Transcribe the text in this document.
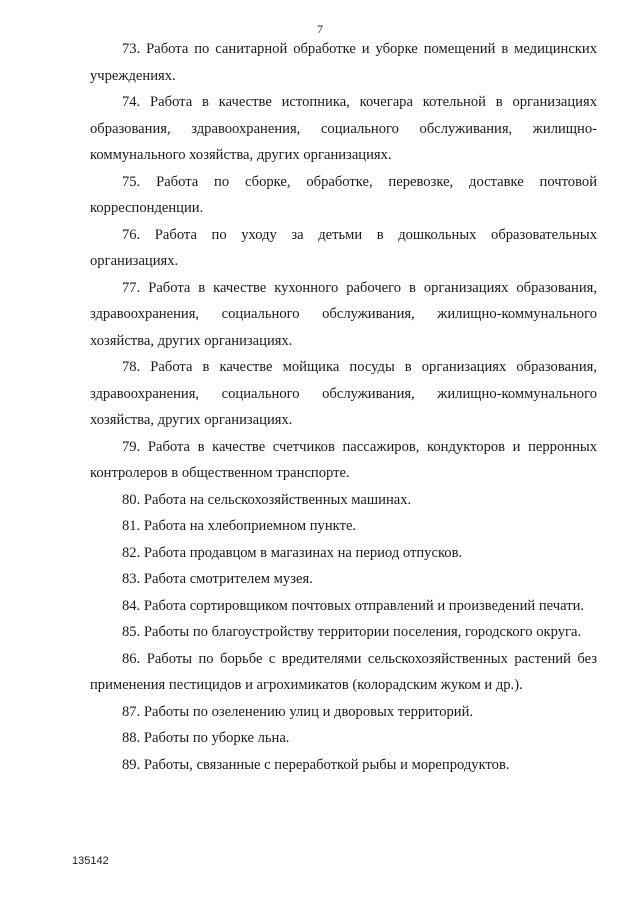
7

73. Работа по санитарной обработке и уборке помещений в медицинских учреждениях.

74. Работа в качестве истопника, кочегара котельной в организациях образования, здравоохранения, социального обслуживания, жилищно-коммунального хозяйства, других организациях.

75. Работа по сборке, обработке, перевозке, доставке почтовой корреспонденции.

76. Работа по уходу за детьми в дошкольных образовательных организациях.

77. Работа в качестве кухонного рабочего в организациях образования, здравоохранения, социального обслуживания, жилищно-коммунального хозяйства, других организациях.

78. Работа в качестве мойщика посуды в организациях образования, здравоохранения, социального обслуживания, жилищно-коммунального хозяйства, других организациях.

79. Работа в качестве счетчиков пассажиров, кондукторов и перронных контролеров в общественном транспорте.

80. Работа на сельскохозяйственных машинах.

81. Работа на хлебоприемном пункте.

82. Работа продавцом в магазинах на период отпусков.

83. Работа смотрителем музея.

84. Работа сортировщиком почтовых отправлений и произведений печати.

85. Работы по благоустройству территории поселения, городского округа.

86. Работы по борьбе с вредителями сельскохозяйственных растений без применения пестицидов и агрохимикатов (колорадским жуком и др.).

87. Работы по озеленению улиц и дворовых территорий.

88. Работы по уборке льна.

89. Работы, связанные с переработкой рыбы и морепродуктов.

135142
